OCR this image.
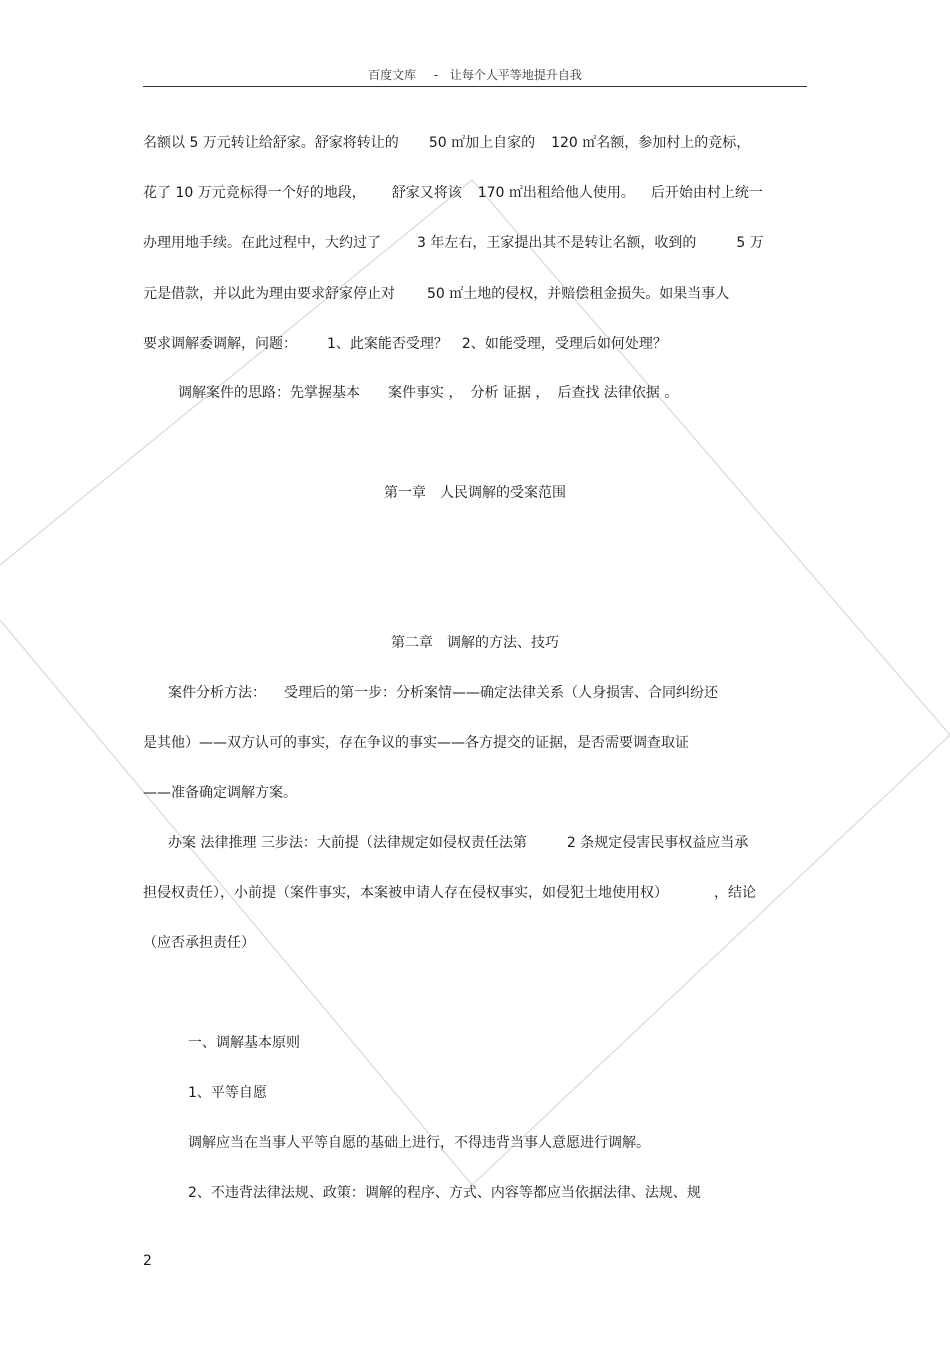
百度文库 - 让每个人平等地提升自我
名额以 5 万元转让给舒家。舒家将转让的 50 ㎡加上自家的 120 ㎡名额，参加村上的竞标，
花了 10 万元竞标得一个好的地段， 舒家又将该 170 ㎡出租给他人使用。 后开始由村上统一
办理用地手续。在此过程中，大约过了	3 年左右，王家提出其不是转让名额，收到的	5 万
元是借款，并以此为理由要求舒家停止对 50 ㎡土地的侵权，并赔偿租金损失。如果当事人
要求调解委调解，问题： 1、此案能否受理？ 2、如能受理，受理后如何处理？
调解案件的思路：先掌握基本 案件事实 ， 分析 证据 ， 后查找 法律依据 。
第一章　人民调解的受案范围
第二章　调解的方法、技巧
案件分析方法： 受理后的第一步：分析案情——确定法律关系（人身损害、合同纠纷还
是其他）——双方认可的事实，存在争议的事实——各方提交的证据，是否需要调查取证
——准备确定调解方案。
办案 法律推理 三步法：大前提（法律规定如侵权责任法第	2 条规定侵害民事权益应当承
担侵权责任），小前提（案件事实，本案被申请人存在侵权事实，如侵犯土地使用权）	，结论
（应否承担责任）
一、调解基本原则
1、平等自愿
调解应当在当事人平等自愿的基础上进行，不得违背当事人意愿进行调解。
2、不违背法律法规、政策：调解的程序、方式、内容等都应当依据法律、法规、规
2
